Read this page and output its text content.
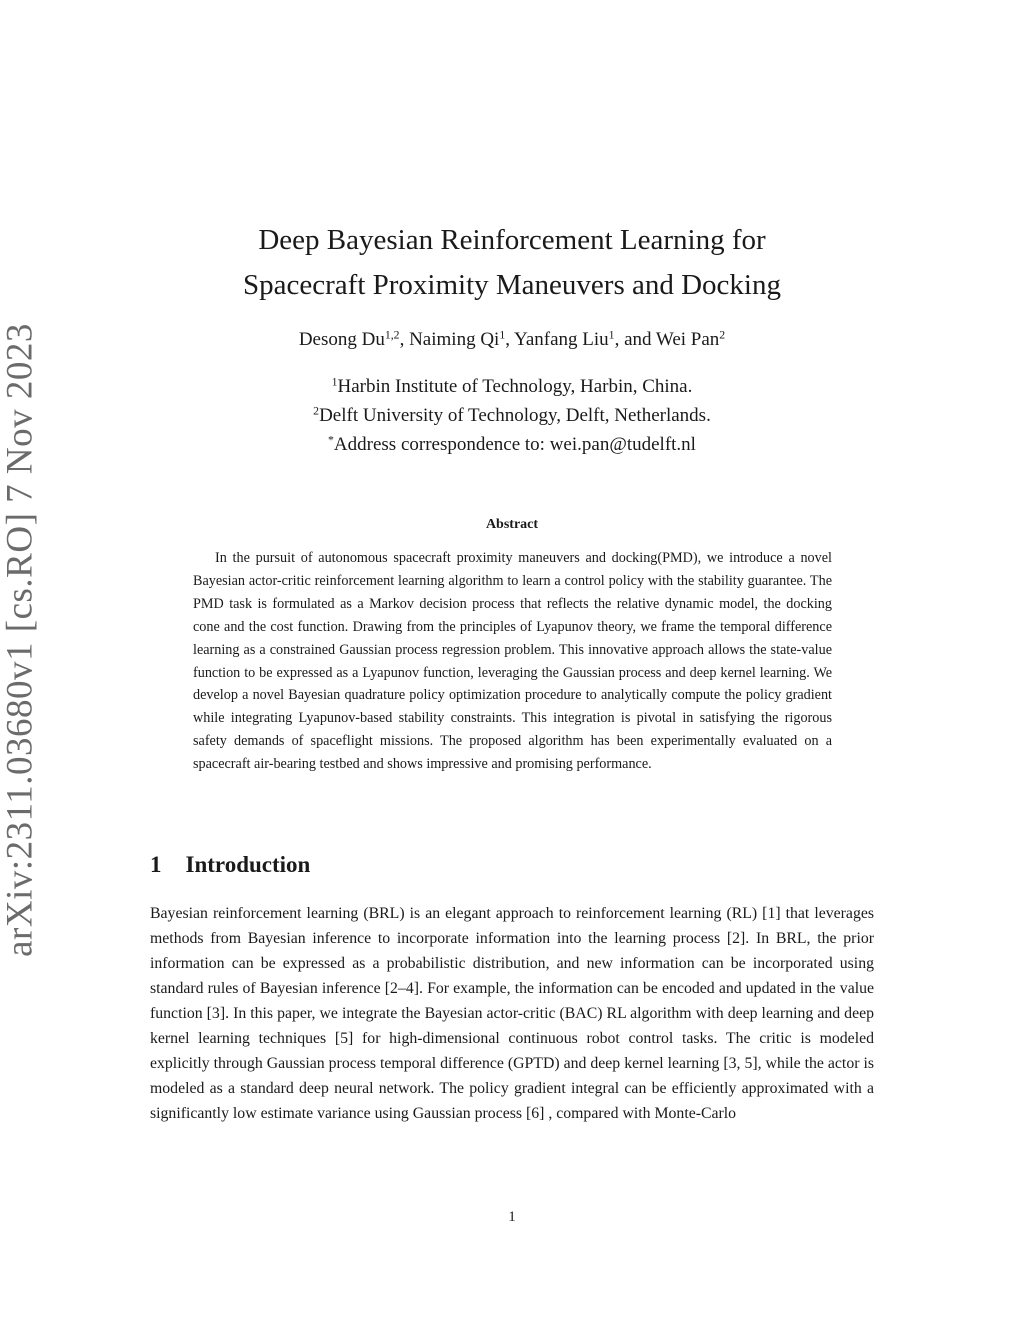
arXiv:2311.03680v1 [cs.RO] 7 Nov 2023
Deep Bayesian Reinforcement Learning for
Spacecraft Proximity Maneuvers and Docking
Desong Du$^{1,2}$, Naiming Qi$^1$, Yanfang Liu$^1$, and Wei Pan$^2$
$^1$Harbin Institute of Technology, Harbin, China.
$^2$Delft University of Technology, Delft, Netherlands.
*Address correspondence to: wei.pan@tudelft.nl
Abstract
In the pursuit of autonomous spacecraft proximity maneuvers and docking(PMD), we introduce a novel Bayesian actor-critic reinforcement learning algorithm to learn a control policy with the stability guarantee. The PMD task is formulated as a Markov decision process that reflects the relative dynamic model, the docking cone and the cost function. Drawing from the principles of Lyapunov theory, we frame the temporal difference learning as a constrained Gaussian process regression problem. This innovative approach allows the state-value function to be expressed as a Lyapunov function, leveraging the Gaussian process and deep kernel learning. We develop a novel Bayesian quadrature policy optimization procedure to analytically compute the policy gradient while integrating Lyapunov-based stability constraints. This integration is pivotal in satisfying the rigorous safety demands of spaceflight missions. The proposed algorithm has been experimentally evaluated on a spacecraft air-bearing testbed and shows impressive and promising performance.
1 Introduction
Bayesian reinforcement learning (BRL) is an elegant approach to reinforcement learning (RL) [1] that leverages methods from Bayesian inference to incorporate information into the learning process [2]. In BRL, the prior information can be expressed as a probabilistic distribution, and new information can be incorporated using standard rules of Bayesian inference [2–4]. For example, the information can be encoded and updated in the value function [3]. In this paper, we integrate the Bayesian actor-critic (BAC) RL algorithm with deep learning and deep kernel learning techniques [5] for high-dimensional continuous robot control tasks. The critic is modeled explicitly through Gaussian process temporal difference (GPTD) and deep kernel learning [3, 5], while the actor is modeled as a standard deep neural network. The policy gradient integral can be efficiently approximated with a significantly low estimate variance using Gaussian process [6] , compared with Monte-Carlo
1
